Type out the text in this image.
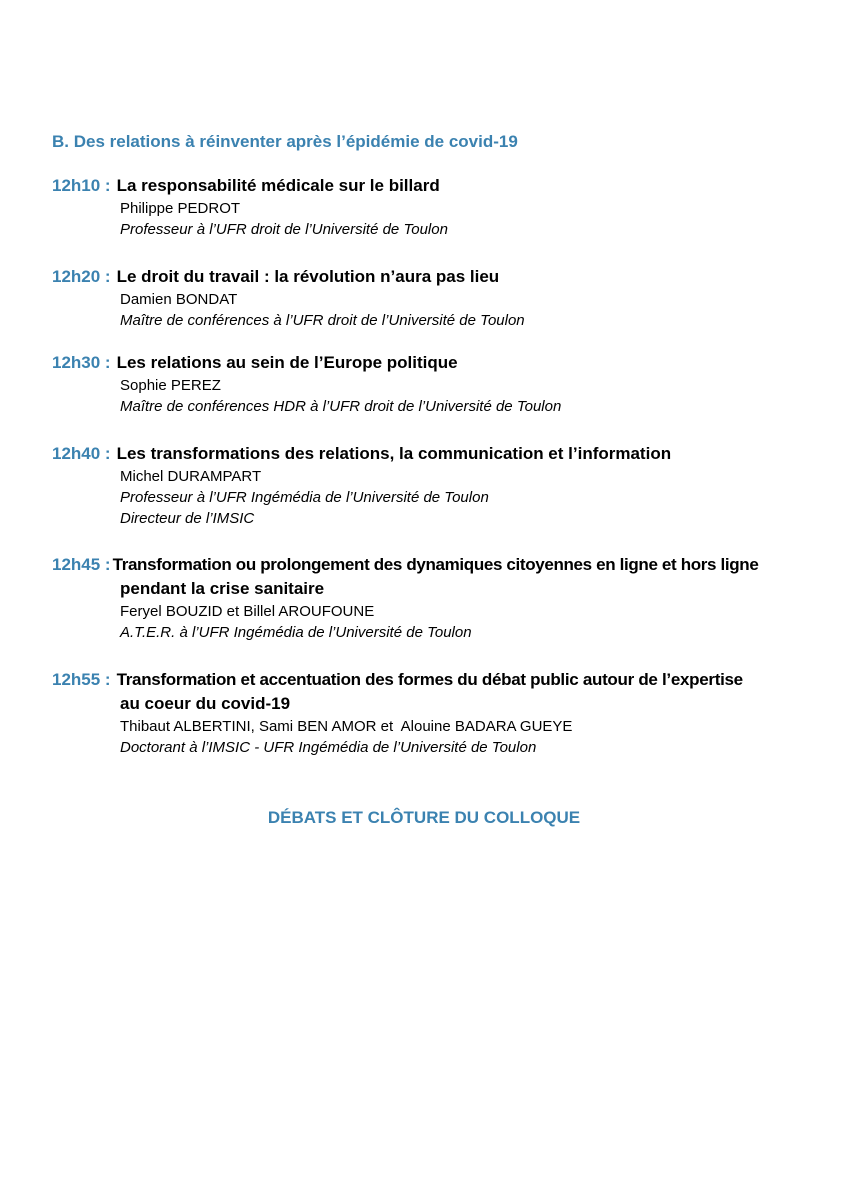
B. Des relations à réinventer après l’épidémie de covid-19
12h10 : La responsabilité médicale sur le billard
Philippe PEDROT
Professeur à l’UFR droit de l’Université de Toulon
12h20 : Le droit du travail : la révolution n’aura pas lieu
Damien BONDAT
Maître de conférences à l’UFR droit de l’Université de Toulon
12h30 : Les relations au sein de l’Europe politique
Sophie PEREZ
Maître de conférences HDR à l’UFR droit de l’Université de Toulon
12h40 : Les transformations des relations, la communication et l’information
Michel DURAMPART
Professeur à l’UFR Ingémédia de l’Université de Toulon
Directeur de l’IMSIC
12h45 : Transformation ou prolongement des dynamiques citoyennes en ligne et hors ligne
pendant la crise sanitaire
Feryel BOUZID et Billel AROUFOUNE
A.T.E.R. à l’UFR Ingémédia de l’Université de Toulon
12h55 : Transformation et accentuation des formes du débat public autour de l’expertise
au coeur du covid-19
Thibaut ALBERTINI, Sami BEN AMOR et  Alouine BADARA GUEYE
Doctorant à l’IMSIC - UFR Ingémédia de l’Université de Toulon
DÉBATS ET CLÔTURE DU COLLOQUE
